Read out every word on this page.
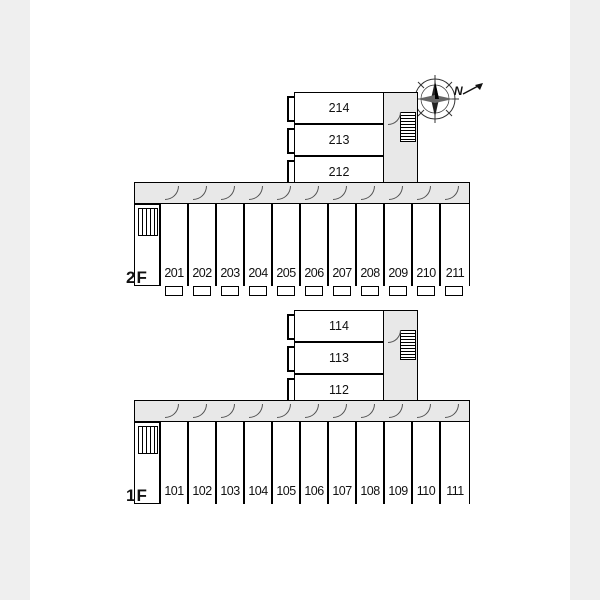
N
214
213
212
201 202 203 204 205 206 207 208 209 210 211
2F
114
113
112
101 102 103 104 105 106 107 108 109 110 111
1F
